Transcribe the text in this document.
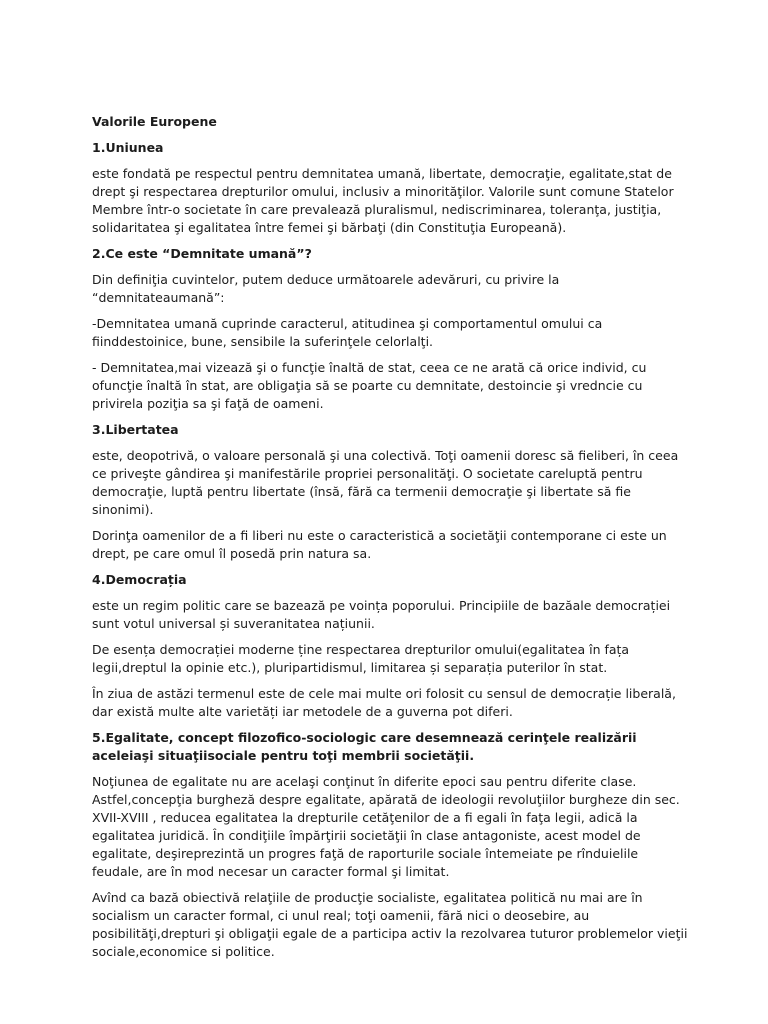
Valorile Europene
1.Uniunea

este fondată pe respectul pentru demnitatea umană, libertate, democraţie, egalitate,stat de drept şi respectarea drepturilor omului, inclusiv a minorităţilor. Valorile sunt comune Statelor Membre într-o societate în care prevalează pluralismul, nediscriminarea, toleranţa, justiţia, solidaritatea şi egalitatea între femei şi bărbaţi (din Constituţia Europeană).

2.Ce este “Demnitate umană”?

Din definiţia cuvintelor, putem deduce următoarele adevăruri, cu privire la “demnitateaumană”:

-Demnitatea umană cuprinde caracterul, atitudinea şi comportamentul omului ca fiinddestoinice, bune, sensibile la suferinţele celorlalţi.

- Demnitatea,mai vizează şi o funcţie înaltă de stat, ceea ce ne arată că orice individ, cu ofuncţie înaltă în stat, are obligaţia să se poarte cu demnitate, destoincie şi vredncie cu privirela poziţia sa şi faţă de oameni.

3.Libertatea

este, deopotrivă, o valoare personală şi una colectivă. Toţi oamenii doresc să fieliberi, în ceea ce priveşte gândirea şi manifestările propriei personalităţi. O societate careluptă pentru democraţie, luptă pentru libertate (însă, fără ca termenii democraţie şi libertate să fie sinonimi).

Dorinţa oamenilor de a fi liberi nu este o caracteristică a societăţii contemporane ci este un drept, pe care omul îl posedă prin natura sa.

4.Democrația

este un regim politic care se bazează pe voința poporului. Principiile de bazăale democrației sunt votul universal și suveranitatea națiunii.

De esența democrației moderne ține respectarea drepturilor omului(egalitatea în fața legii,dreptul la opinie etc.), pluripartidismul, limitarea și separația puterilor în stat.

În ziua de astăzi termenul este de cele mai multe ori folosit cu sensul de democrație liberală, dar există multe alte varietăți iar metodele de a guverna pot diferi.

5.Egalitate, concept filozofico-sociologic care desemnează cerinţele realizării aceleiaşi situaţiisociale pentru toţi membrii societăţii.

Noţiunea de egalitate nu are acelaşi conţinut în diferite epoci sau pentru diferite clase. Astfel,concepţia burgheză despre egalitate, apărată de ideologii revoluţiilor burgheze din sec. XVII-XVIII , reducea egalitatea la drepturile cetăţenilor de a fi egali în faţa legii, adică la egalitatea juridică. În condiţiile împărţirii societăţii în clase antagoniste, acest model de egalitate, deşireprezintă un progres faţă de raporturile sociale întemeiate pe rînduielile feudale, are în mod necesar un caracter formal şi limitat.

Avînd ca bază obiectivă relaţiile de producţie socialiste, egalitatea politică nu mai are în socialism un caracter formal, ci unul real; toţi oamenii, fără nici o deosebire, au posibilităţi,drepturi şi obligaţii egale de a participa activ la rezolvarea tuturor problemelor vieţii sociale,economice si politice.
